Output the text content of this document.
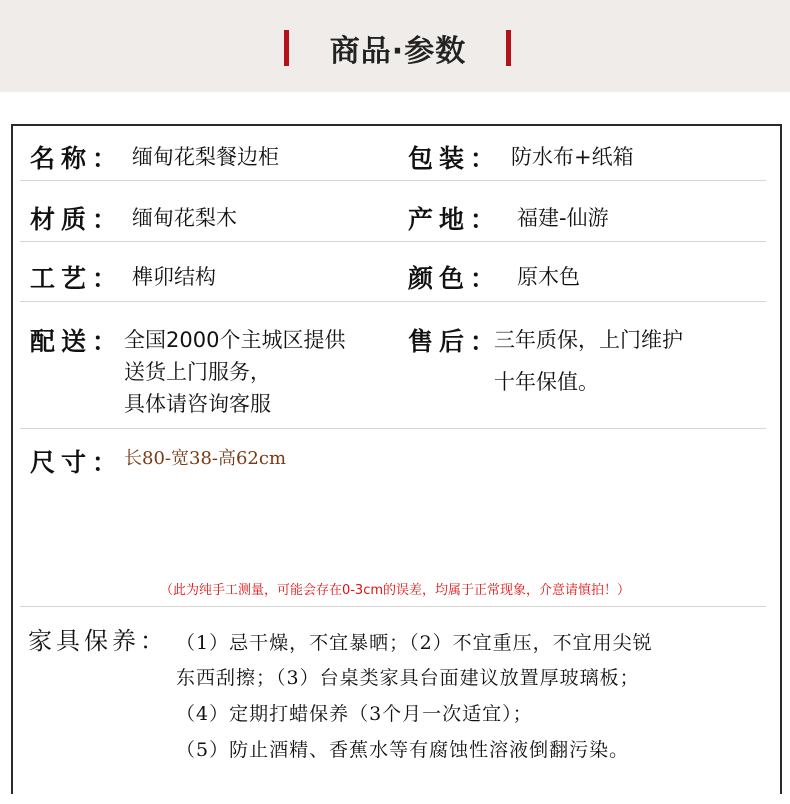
商品·参数
名称： 缅甸花梨餐边柜	包装： 防水布+纸箱
材质： 缅甸花梨木	产地： 福建-仙游
工艺： 榫卯结构	颜色： 原木色
配送： 全国2000个主城区提供
送货上门服务，
具体请咨询客服
售后：
三年质保，上门维护
十年保值。
尺寸： 长80-宽38-高62cm
（此为纯手工测量，可能会存在0-3cm的误差，均属于正常现象，介意请慎拍！）
家具保养： （1）忌干燥，不宜暴晒；（2）不宜重压，不宜用尖锐
东西刮擦；（3）台桌类家具台面建议放置厚玻璃板；
（4）定期打蜡保养（3个月一次适宜）；
（5）防止酒精、香蕉水等有腐蚀性溶液倒翻污染。
